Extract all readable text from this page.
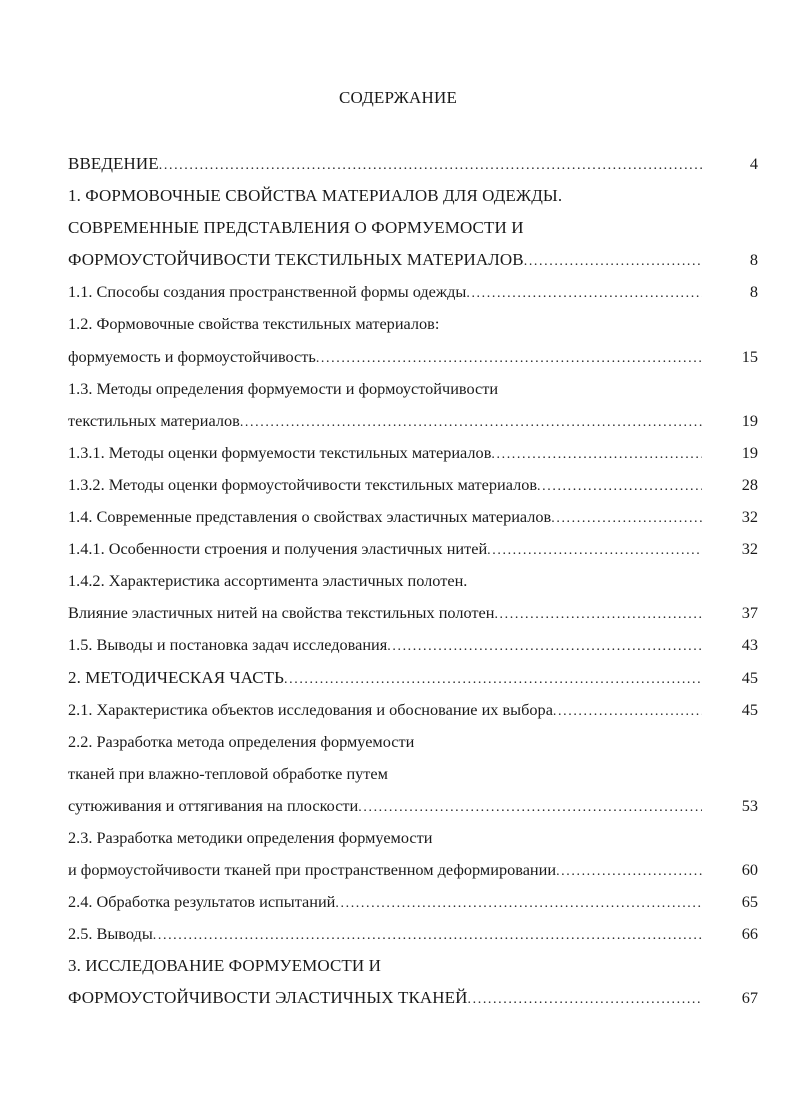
СОДЕРЖАНИЕ
ВВЕДЕНИЕ .....	4
1. ФОРМОВОЧНЫЕ СВОЙСТВА МАТЕРИАЛОВ ДЛЯ ОДЕЖДЫ.
СОВРЕМЕННЫЕ ПРЕДСТАВЛЕНИЯ О ФОРМУЕМОСТИ И
ФОРМОУСТОЙЧИВОСТИ ТЕКСТИЛЬНЫХ МАТЕРИАЛОВ .....	8
1.1. Способы создания пространственной формы одежды .....	8
1.2. Формовочные свойства текстильных материалов:
формуемость и формоустойчивость .....	15
1.3. Методы определения формуемости и формоустойчивости
текстильных материалов .....	19
1.3.1. Методы оценки формуемости текстильных материалов .....	19
1.3.2. Методы оценки формоустойчивости текстильных материалов .....	28
1.4. Современные представления о свойствах эластичных материалов .....	32
1.4.1. Особенности строения и получения эластичных нитей .....	32
1.4.2. Характеристика ассортимента эластичных полотен.
Влияние эластичных нитей на свойства текстильных полотен .....	37
1.5. Выводы и постановка задач исследования .....	43
2. МЕТОДИЧЕСКАЯ ЧАСТЬ .....	45
2.1. Характеристика объектов исследования и обоснование их выбора .....	45
2.2. Разработка метода определения формуемости
тканей при влажно-тепловой обработке путем
сутюживания и оттягивания на плоскости .....	53
2.3. Разработка методики определения формуемости
и формоустойчивости тканей при пространственном деформировании .....	60
2.4. Обработка результатов испытаний .....	65
2.5. Выводы .....	66
3. ИССЛЕДОВАНИЕ ФОРМУЕМОСТИ И
ФОРМОУСТОЙЧИВОСТИ ЭЛАСТИЧНЫХ ТКАНЕЙ .....	67
